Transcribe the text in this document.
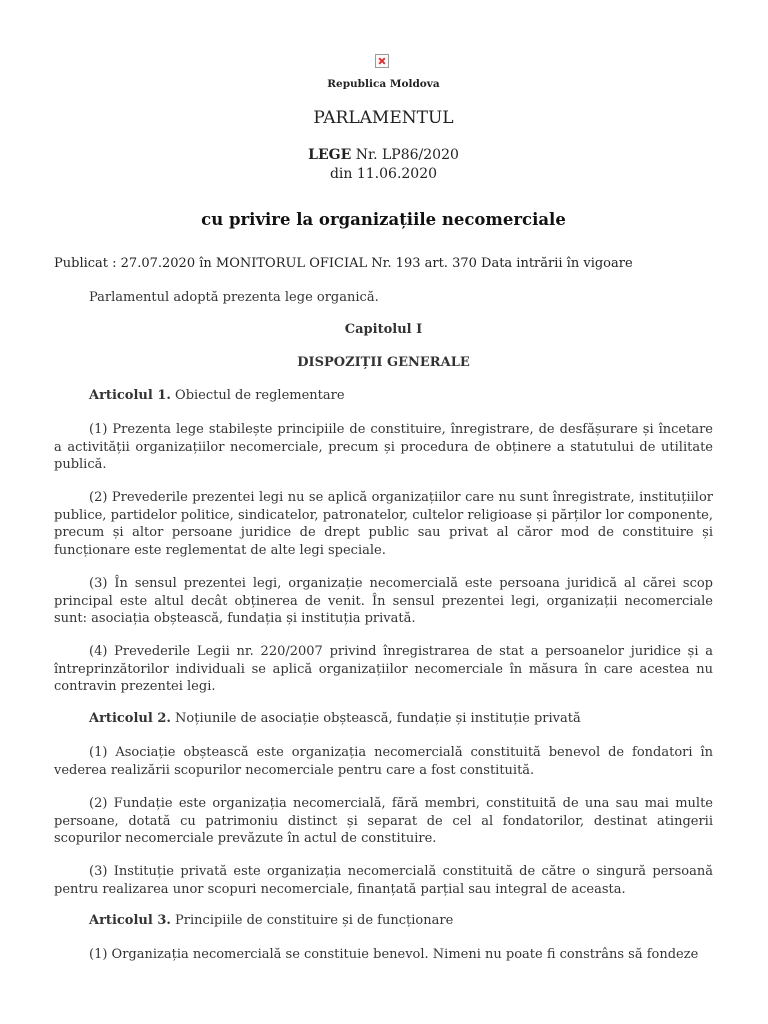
Republica Moldova
PARLAMENTUL
LEGE Nr. LP86/2020
din 11.06.2020
cu privire la organizațiile necomerciale
Publicat : 27.07.2020 în MONITORUL OFICIAL Nr. 193 art. 370 Data intrării în vigoare
Parlamentul adoptă prezenta lege organică.
Capitolul I
DISPOZIȚII GENERALE
Articolul 1. Obiectul de reglementare
(1) Prezenta lege stabilește principiile de constituire, înregistrare, de desfășurare și încetare a activității organizațiilor necomerciale, precum și procedura de obținere a statutului de utilitate publică.
(2) Prevederile prezentei legi nu se aplică organizațiilor care nu sunt înregistrate, instituțiilor publice, partidelor politice, sindicatelor, patronatelor, cultelor religioase și părților lor componente, precum și altor persoane juridice de drept public sau privat al căror mod de constituire și funcționare este reglementat de alte legi speciale.
(3) În sensul prezentei legi, organizație necomercială este persoana juridică al cărei scop principal este altul decât obținerea de venit. În sensul prezentei legi, organizații necomerciale sunt: asociația obștească, fundația și instituția privată.
(4) Prevederile Legii nr. 220/2007 privind înregistrarea de stat a persoanelor juridice și a întreprinzătorilor individuali se aplică organizațiilor necomerciale în măsura în care acestea nu contravin prezentei legi.
Articolul 2. Noțiunile de asociație obștească, fundație și instituție privată
(1) Asociație obștească este organizația necomercială constituită benevol de fondatori în vederea realizării scopurilor necomerciale pentru care a fost constituită.
(2) Fundație este organizația necomercială, fără membri, constituită de una sau mai multe persoane, dotată cu patrimoniu distinct și separat de cel al fondatorilor, destinat atingerii scopurilor necomerciale prevăzute în actul de constituire.
(3) Instituție privată este organizația necomercială constituită de către o singură persoană pentru realizarea unor scopuri necomerciale, finanțată parțial sau integral de aceasta.
Articolul 3. Principiile de constituire și de funcționare
(1) Organizația necomercială se constituie benevol. Nimeni nu poate fi constrâns să fondeze
